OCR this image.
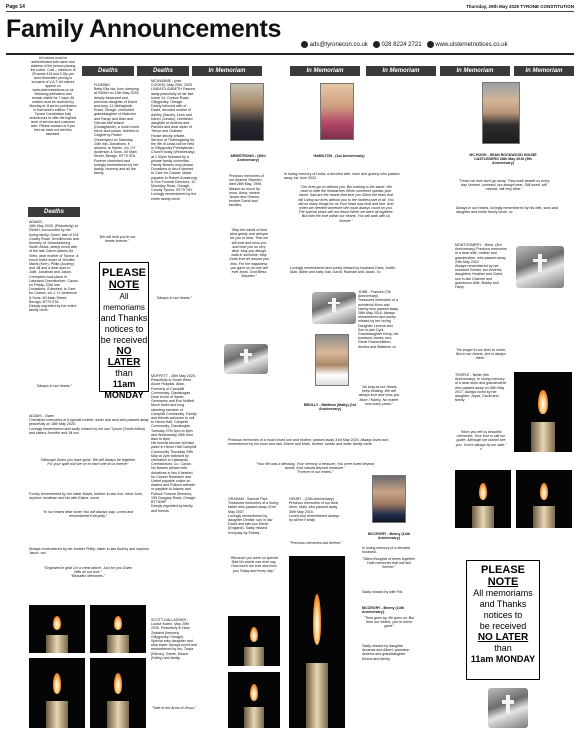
Page 14	Thursday, 29th May 2025 TYRONE CONSTITUTION
Family Announcements
ads@tyronecon.co.uk 028 8224 2721 www.ulsternetnotices.co.uk
All notices must be authenticated with name and address of the person placing the notice. Cost – minimum of 25 words £15 and 0.32p per word thereafter, pricing is inclusive of V.A.T. All notices appear on www.ulsternetnotices.co.uk following publication and remain visible for 7 days. All notices must be received by Monday at 11am for publication in that week's edition. The Tyrone Constitution fully endeavours to offer the highest level of service and customer care. Please contact us if you feel we have not met this standard.
Deaths
ADAMS -
18th May 2025, (Peacefully) at SWAH, surrounded by her loving family, Gwen, late of 101 Cooley Road, Sixmilecross and formerly of Johannesburg, South Africa, dearly loved wife of the late Calvin Adams De Vries, dear mother of Tyrone, a much loved sister of Jennifer, Mavis (Kerr), Philip (Audrey) and Jill and a dear aunt to Julie, Jonathan and Jason.
Cremation took place in Lakeland Crematorium, Cavan, on Friday, 23rd inst.
Donations, if desired, to Care for Cancer, c/o J. H. Anderson & Sons, 60 Main Street, Beragh, BT79 0TA.
Deeply regretted by her entire family circle.
"Always in our hearts."
Deaths
FLEMING
Betty Ella Ida, born sleeping at SWAH on 18th May 2025, deeply treasured and precious daughter of David and Amy, 11 Mullaghslin Road, Omagh, cherished granddaughter of Malcolm and Pansy and Alan and Glenda McFarland (Donaghanie), a much loved niece and cousin. Interred in Clogherny Parish Churchyard on Saturday 24th inst. Donations, if desired, to Sands, c/o J H Anderson & Sons, 60 Main Street, Beragh, BT79 0TA. Forever cherished and lovingly remembered by her daddy, mummy and all the family.
"We will hold you in our hearts forever."
PLEASE
NOTE
All memoriams
and Thanks
notices to
be received
NO LATER
than
11am MONDAY
ADAMS - Gwen
Cherished memories of a special mother, sister and aunt who passed away peacefully on 18th May 2025.
Lovingly remembered and sadly missed by her son Tyrone (South Africa) and sisters Jennifer and Jill xxx
"Although Gwen you have gone, We will always be together, For your spirit will live on In each one of us forever"
Fondly remembered by her sister Mavis, brother-in-law Ivor, niece Julie, nephew Jonathan and his wife Elaine. xxxxx
"In our hearts dear sister You will always stay, Loved and remembered Everyday."
Always remembered by her brother Philip, sister-in-law Audrey and nephew Jason. xxx
"Engraved in gold On a chest above. Just for you Gwen With all our love."
"Beautiful Memories."
Deaths
MCILWAINE - (née COOKE), May 25th, 2025 LINDA ELIZABETH Passed away peacefully at her late home 14, Corboe Road, Gillygooley, Omagh.
Dearly beloved wife of David, devoted mother of Ashley (Sarah), Leah and Karen (Jordan), cherished daughter of Andrew and Pamela and dear sister of Trevor and Graham.
House strictly private. Service of Thanksgiving for the life of Linda will be held in Gillygooley Presbyterian Church today (Wednesday) at 1.00pm followed by a private family committal. Family flowers only please.
Donations in lieu if desired to Care for Cancer. Made payable to Robert Armstrong & Son Funeral Directors, 10 Mountjoy Road, Omagh, County Tyrone, BT79 7AY.
Lovingly remembered by the entire family circle.
"Always in our hearts."
MOFFETT - 26th May 2025, Peacefully in South West Acute Hospital, Allan, Formerly of Campbill Community, Clanabogan.
Dear Uncle of Sarah Germaney and Eve Moffett. Much loved and long standing member of Camphill Community. Family and friends welcome to call to Heron Hall, Camphill Community, Clanabogan Tuesday 27th 3pm to 8pm and Wednesday 28th from 8am to 8pm.
His funeral service will take place in Heron Hall Camphill Community Thursday 29th May at 2pm followed by cremation in Lakelands Crematorium, Co. Cavan.
No flowers please with donations in lieu if desired for Cancer Research and Unicef payable online on Adams and Pollock website or payable to Adams and Pollock Funeral Directors, 155 Doogary Road, Omagh. BT790HF.
Deeply regretted by family and friends.
SCOTT-GALLAGHER - Louise Karen, May 20th 2025. Peacefully in New Zealand (formerly Gillygooley, Omagh).
Special step daughter and step sister. Always loved and remembered by Iris, Twyla (Kieran), Garrie, Deane (Kathy) and family.
"Safe in the Arms of Jesus."
In Memoriam
ARMSTRONG - (30th Anniversary)
Precious memories of our dearest Stephen, died 28th May, 1995. Missed so much by mum, Anna, sisters Janice and Sharon, brother David and families.
"May the winds of love blow gently and whisper for you to hear, That we still love and miss you and hold you so very dear. May you always walk in sunshine. May Gods love all around you flow, For the happiness you gave us no one will ever know. God Bless Stephen."
In Memoriam	In Memoriam
HAMILTON - (1st Anniversary)
In loving memory of Linda, a devoted wife, mum and granny who passed away 1st June 2024
"Our lives go on without you, But nothing is the same. We have to hide the heartaches When someone speaks your name. Sad are the hearts that love you Silent the tears that fall Living our lives without you Is the hardest part of all. You did so many things for us Your heart was kind and true, And when we needed someone We could always count on you. The special years will not return When we were all together; But with the love within our hearts, You will walk with us forever."
Lovingly remembered and sorely missed by husband Drew, Judith, Alan, Abbie and baby Isla; David, Rachael and Jacob. Xx
JOBB - Frances (7th Anniversary)
Treasured memories of a wonderful Mum and Nanny who passed away, 28th May 2018. Always remembered and sorely missed by her loving Daughter Levena and Son-in-law Cyril. Granddaughter Kerry, her husband James, and Great Grandchildren, Amelia and Matthew. xx
"As long as our hearts keep beating, We will always love and miss you Mum / Nanny, No matter how many years."
BROLLY - Matthew (Matty) (1st Anniversary)
Precious memories of a much loved son and brother, passed away 31st May 2024. Always loved and remembered by his mum and dad, Arlene and Mark, brother Jordan and wider family circle.
"Your life was a blessing, Your memory a treasure, You were loved beyond words, And missed beyond measure."
"Forever in our hearts."
GRAHAM - Samuel Paul. Treasured memories of a loving father who passed away 22nd May 2007.
Lovingly remembered by daughter Denise, son in law David and late son Derek (England). Sadly missed everyday by Shirley.
"Because you were so special Dad No words can ever say, How much we love and miss you Today and every day."
HENRY - (10th Anniversary) Precious memories of our dear Mum, Mary, who passed away 30th May 2015.
Loved and remembered always by all the Family.
"Precious memories last forever."
MCCRORY - Benny (14th Anniversary)
In loving memory of a devoted husband.
"Silent thoughts of times together, Hold memories that will last forever."
Sadly missed by wife Pat.
MCCRORY - Benny (14th Anniversary).
"Time goes by, life goes on, But from our hearts, you're never gone"
Sadly missed by daughter Amanda and Albert, grandson Andrew and granddaughter Emma and family.
In Memoriam	In Memoriam
MC HUGH - SEAN ROCKWOOD HOUSE CASTLEDERG 28th May 2016 (9th Anniversary)
"Those we love don't go away, They walk beside us every day Unseen, unheard, but always near, Still loved, still missed, still very dear."
Always in our hearts, lovingly remembered by his wife, sons and daughter and entire family circle. xx
MONTGOMERY - Rene, (3rd Anniversary) Precious memories of a dear wife, mother and grandmother, who passed away 24th May 2022.
Always remembered by her husband Gerald, son Andrew, daughters Heather and Claire, son in law Graeme and grandsons Alfie, Bobby and Harry.
"No longer in our lives to share, But in our hearts, she is always there."
TEMPLE - Nellie (8th Anniversary). In loving memory of a dear mum and grandmother who passed away on 26th May 2017. Always loved by her daughter, Joyce, David and family.
"Mum you left us beautiful memories, Your love is still our guide, Although we cannot see you, You're always by our side." x
PLEASE
NOTE
All memoriams
and Thanks
notices to
be received
NO LATER
than
11am MONDAY
